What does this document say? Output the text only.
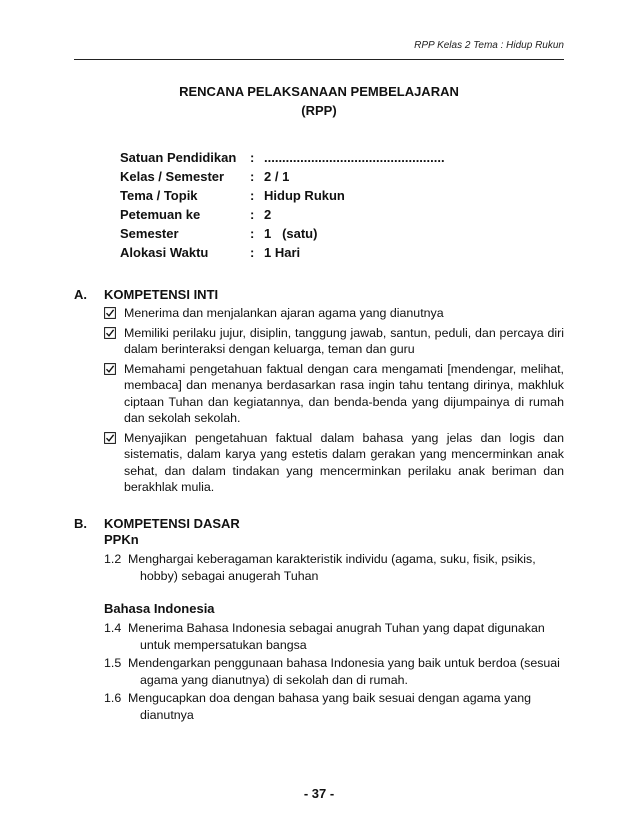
RPP Kelas 2 Tema : Hidup Rukun
RENCANA PELAKSANAAN PEMBELAJARAN
(RPP)
Satuan Pendidikan	: ..................................................
Kelas / Semester	: 2 / 1
Tema / Topik	: Hidup Rukun
Petemuan ke	: 2
Semester	: 1   (satu)
Alokasi Waktu	: 1 Hari
A. KOMPETENSI INTI
Menerima dan menjalankan ajaran agama yang dianutnya
Memiliki perilaku jujur, disiplin, tanggung jawab, santun, peduli, dan percaya diri dalam berinteraksi dengan keluarga, teman dan guru
Memahami pengetahuan faktual dengan cara mengamati [mendengar, melihat, membaca] dan menanya berdasarkan rasa ingin tahu tentang dirinya, makhluk ciptaan Tuhan dan kegiatannya, dan benda-benda yang dijumpainya di rumah dan sekolah sekolah.
Menyajikan pengetahuan faktual dalam bahasa yang jelas dan logis dan sistematis, dalam karya yang estetis dalam gerakan yang mencerminkan anak sehat, dan dalam tindakan yang mencerminkan perilaku anak beriman dan berakhlak mulia.
B. KOMPETENSI DASAR
PPKn
1.2 Menghargai keberagaman karakteristik individu (agama, suku, fisik, psikis,
hobby) sebagai anugerah Tuhan
Bahasa Indonesia
1.4 Menerima Bahasa Indonesia sebagai anugrah Tuhan yang dapat digunakan
untuk mempersatukan bangsa
1.5 Mendengarkan penggunaan bahasa Indonesia yang baik untuk berdoa (sesuai
agama yang dianutnya) di sekolah dan di rumah.
1.6 Mengucapkan doa dengan bahasa yang baik sesuai dengan agama yang
dianutnya
- 37 -
